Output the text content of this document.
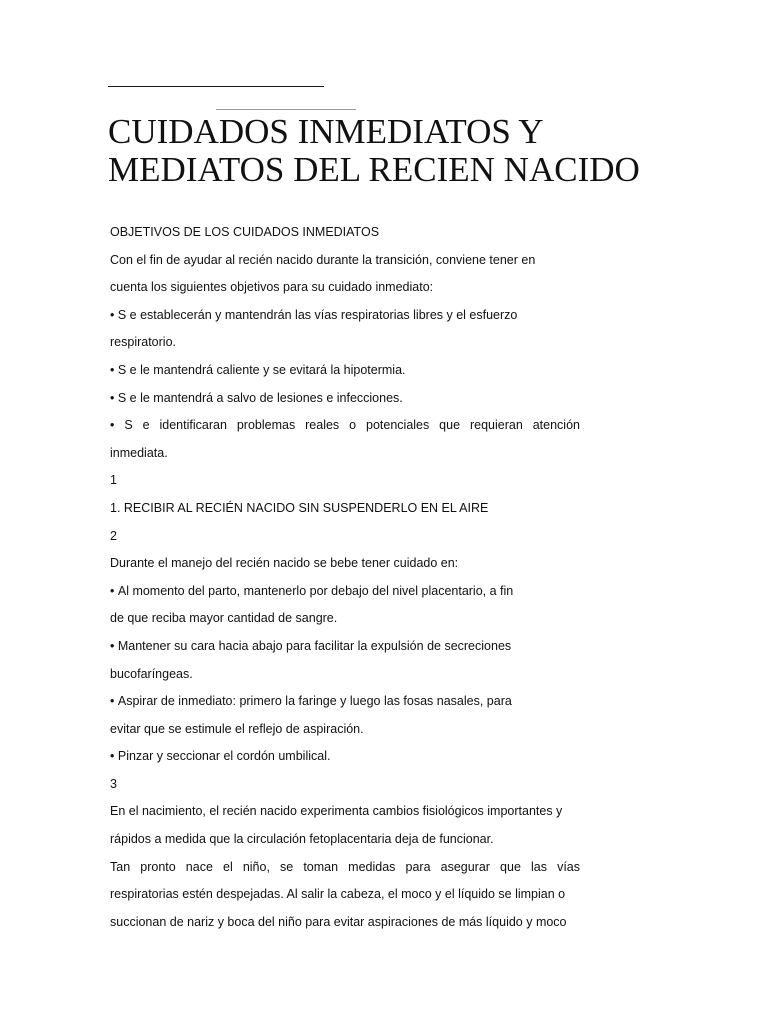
CUIDADOS INMEDIATOS Y
MEDIATOS DEL RECIEN NACIDO
OBJETIVOS DE LOS CUIDADOS INMEDIATOS
Con el fin de ayudar al recién nacido durante la transición, conviene tener en
cuenta los siguientes objetivos para su cuidado inmediato:
• S e establecerán y mantendrán las vías respiratorias libres y el esfuerzo
respiratorio.
• S e le mantendrá caliente y se evitará la hipotermia.
• S e le mantendrá a salvo de lesiones e infecciones.
• S e identificaran problemas reales o potenciales que requieran atención
inmediata.
1
1. RECIBIR AL RECIÉN NACIDO SIN SUSPENDERLO EN EL AIRE
2
Durante el manejo del recién nacido se bebe tener cuidado en:
• Al momento del parto, mantenerlo por debajo del nivel placentario, a fin
de que reciba mayor cantidad de sangre.
• Mantener su cara hacia abajo para facilitar la expulsión de secreciones
bucofaríngeas.
• Aspirar de inmediato: primero la faringe y luego las fosas nasales, para
evitar que se estimule el reflejo de aspiración.
• Pinzar y seccionar el cordón umbilical.
3
En el nacimiento, el recién nacido experimenta cambios fisiológicos importantes y
rápidos a medida que la circulación fetoplacentaria deja de funcionar.
Tan pronto nace el niño, se toman medidas para asegurar que las vías
respiratorias estén despejadas. Al salir la cabeza, el moco y el líquido se limpian o
succionan de nariz y boca del niño para evitar aspiraciones de más líquido y moco
